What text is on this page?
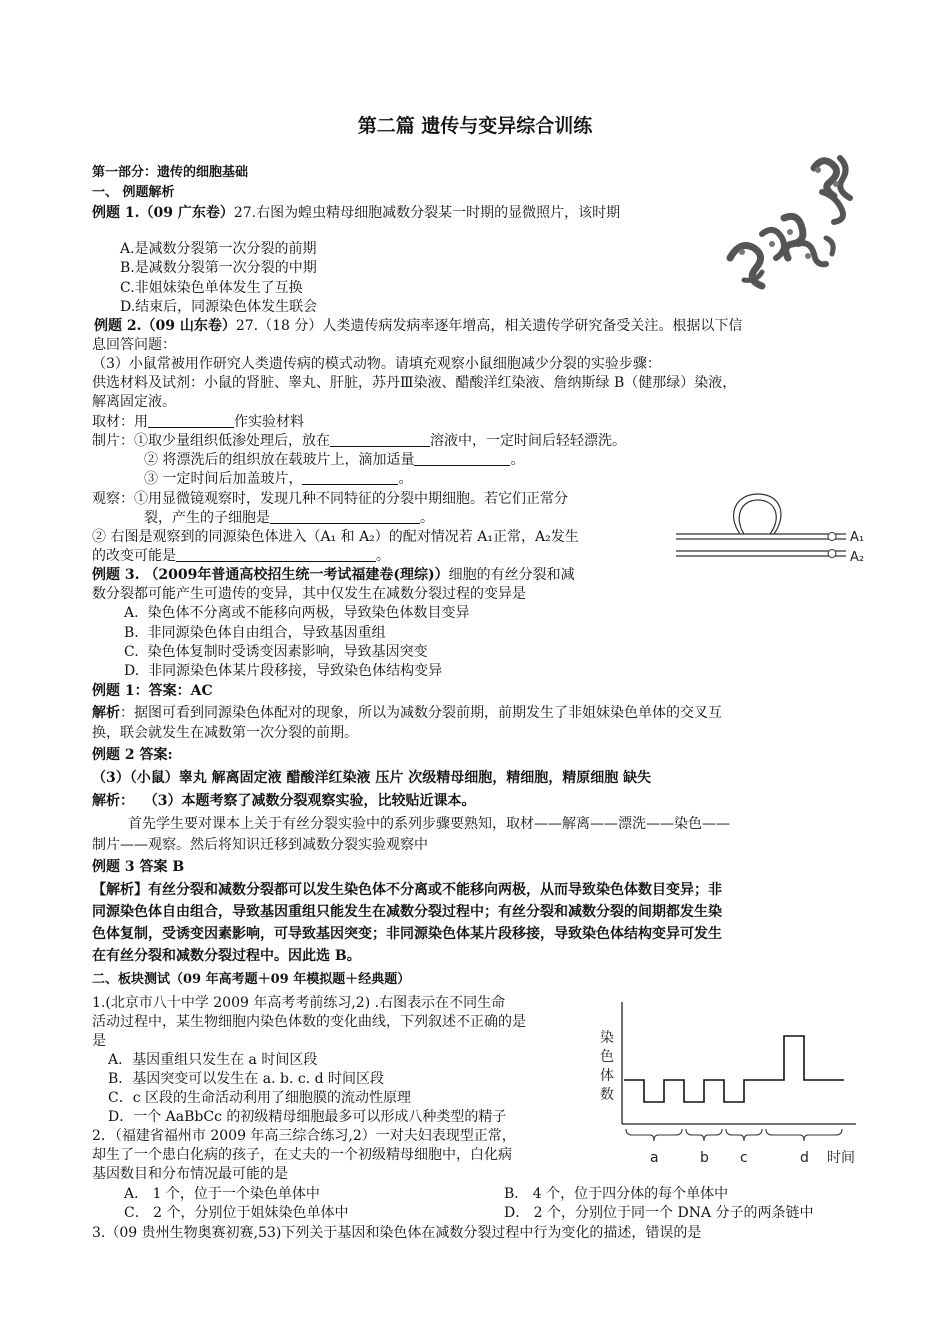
第二篇 遗传与变异综合训练
第一部分：遗传的细胞基础
一、 例题解析
例题 1.（09 广东卷）27.右图为蝗虫精母细胞减数分裂某一时期的显微照片，该时期
A.是减数分裂第一次分裂的前期
B.是减数分裂第一次分裂的中期
C.非姐妹染色单体发生了互换
D.结束后，同源染色体发生联会
例题 2.（09 山东卷）27.（18 分）人类遗传病发病率逐年增高，相关遗传学研究备受关注。根据以下信
息回答问题：
（3）小鼠常被用作研究人类遗传病的模式动物。请填充观察小鼠细胞减少分裂的实验步骤：
供选材料及试剂：小鼠的肾脏、睾丸、肝脏，苏丹Ⅲ染液、醋酸洋红染液、詹纳斯绿 B（健那绿）染液，
解离固定液。
取材：用	作实验材料
制片：①取少量组织低渗处理后，放在	溶液中，一定时间后轻轻漂洗。
② 将漂洗后的组织放在载玻片上，滴加适量	。
③ 一定时间后加盖玻片，	。
观察：①用显微镜观察时，发现几种不同特征的分裂中期细胞。若它们正常分
裂，产生的子细胞是	。
② 右图是观察到的同源染色体进入（A₁ 和 A₂）的配对情况若 A₁正常，A₂发生
的改变可能是	。
A₁
A₂
例题 3. （2009年普通高校招生统一考试福建卷(理综)）细胞的有丝分裂和减
数分裂都可能产生可遗传的变异，其中仅发生在减数分裂过程的变异是
A. 染色体不分离或不能移向两极，导致染色体数目变异
B. 非同源染色体自由组合，导致基因重组
C. 染色体复制时受诱变因素影响，导致基因突变
D. 非同源染色体某片段移接，导致染色体结构变异
例题 1：答案：AC
解析：据图可看到同源染色体配对的现象，所以为减数分裂前期，前期发生了非姐妹染色单体的交叉互
换，联会就发生在减数第一次分裂的前期。
例题 2 答案:
（3）（小鼠）睾丸 解离固定液 醋酸洋红染液 压片 次级精母细胞，精细胞，精原细胞 缺失
解析： （3）本题考察了减数分裂观察实验，比较贴近课本。
首先学生要对课本上关于有丝分裂实验中的系列步骤要熟知，取材——解离——漂洗——染色——
制片——观察。然后将知识迁移到减数分裂实验观察中
例题 3 答案 B
【解析】有丝分裂和减数分裂都可以发生染色体不分离或不能移向两极，从而导致染色体数目变异；非
同源染色体自由组合，导致基因重组只能发生在减数分裂过程中；有丝分裂和减数分裂的间期都发生染
色体复制，受诱变因素影响，可导致基因突变；非同源染色体某片段移接，导致染色体结构变异可发生
在有丝分裂和减数分裂过程中。因此选 B。
二、板块测试（09 年高考题＋09 年模拟题＋经典题）
1.(北京市八十中学 2009 年高考考前练习,2) .右图表示在不同生命
活动过程中，某生物细胞内染色体数的变化曲线，下列叙述不正确的是
是
A．基因重组只发生在 a 时间区段
B．基因突变可以发生在 a. b. c. d 时间区段
C．c 区段的生命活动利用了细胞膜的流动性原理
D．一个 AaBbCc 的初级精母细胞最多可以形成八种类型的精子
染
色
体
数
a	b c	d 时间
2．（福建省福州市 2009 年高三综合练习,2）一对夫妇表现型正常，
却生了一个患白化病的孩子，在丈夫的一个初级精母细胞中，白化病
基因数目和分布情况最可能的是
A． 1 个，位于一个染色单体中	B． 4 个，位于四分体的每个单体中
C． 2 个，分别位于姐妹染色单体中	D． 2 个，分别位于同一个 DNA 分子的两条链中
3.（09 贵州生物奥赛初赛,53)下列关于基因和染色体在减数分裂过程中行为变化的描述，错误的是
